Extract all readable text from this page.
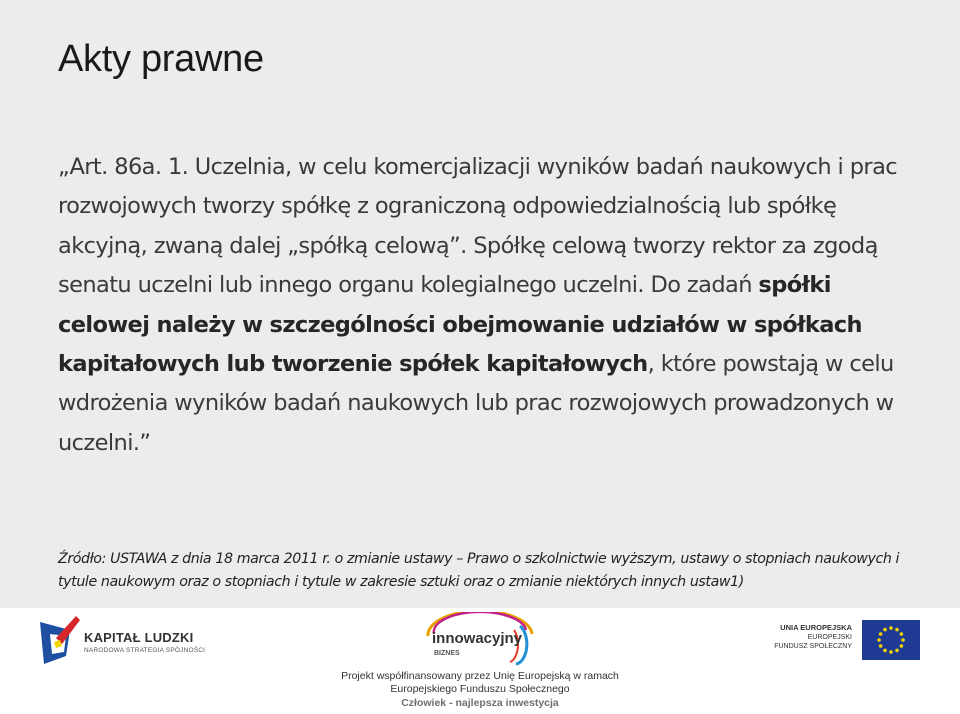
Akty prawne
„Art. 86a. 1. Uczelnia, w celu komercjalizacji wyników badań naukowych i prac rozwojowych tworzy spółkę z ograniczoną odpowiedzialnością lub spółkę akcyjną, zwaną dalej „spółką celową”. Spółkę celową tworzy rektor za zgodą senatu uczelni lub innego organu kolegialnego uczelni. Do zadań spółki celowej należy w szczególności obejmowanie udziałów w spółkach kapitałowych lub tworzenie spółek kapitałowych, które powstają w celu wdrożenia wyników badań naukowych lub prac rozwojowych prowadzonych w uczelni.”
Źródło: USTAWA z dnia 18 marca 2011 r. o zmianie ustawy – Prawo o szkolnictwie wyższym, ustawy o stopniach naukowych i tytule naukowym oraz o stopniach i tytule w zakresie sztuki oraz o zmianie niektórych innych ustaw1)
KAPITAŁ LUDZKI
NARODOWA STRATEGIA SPÓJNOŚCI
innowacyjny
BIZNES
UNIA EUROPEJSKA
EUROPEJSKI
FUNDUSZ SPOŁECZNY
Projekt współfinansowany przez Unię Europejską w ramach
Europejskiego Funduszu Społecznego
Człowiek - najlepsza inwestycja
